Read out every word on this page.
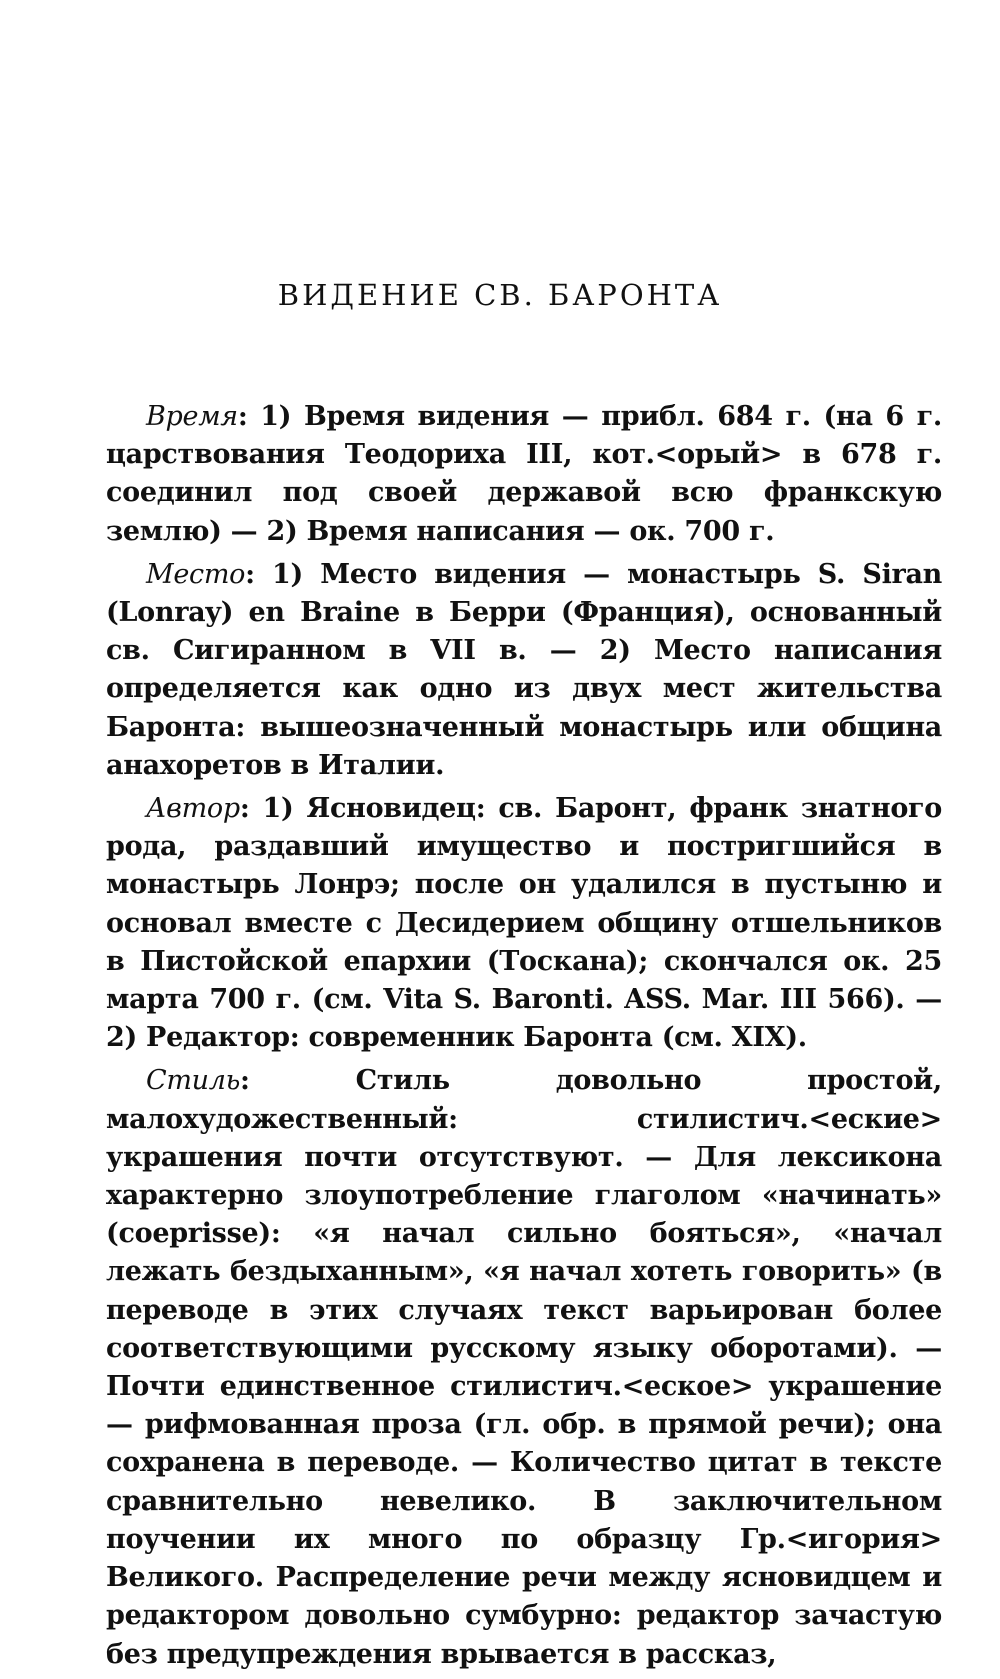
ВИДЕНИЕ СВ. БАРОНТА

Время: 1) Время видения — прибл. 684 г. (на 6 г. царствования Теодориха III, кот.<орый> в 678 г. соединил под своей державой всю франкскую землю) — 2) Время написания — ок. 700 г.

Место: 1) Место видения — монастырь S. Siran (Lonray) en Braine в Берри (Франция), основанный св. Сигиранном в VII в. — 2) Место написания определяется как одно из двух мест жительства Баронта: вышеозначенный монастырь или община анахоретов в Италии.

Автор: 1) Ясновидец: св. Баронт, франк знатного рода, раздавший имущество и постригшийся в монастырь Лонрэ; после он удалился в пустыню и основал вместе с Десидерием общину отшельников в Пистойской епархии (Тоскана); скончался ок. 25 марта 700 г. (см. Vita S. Baronti. ASS. Mar. III 566). — 2) Редактор: современник Баронта (см. XIX).

Стиль: Стиль довольно простой, малохудожественный: стилистич.<еские> украшения почти отсутствуют. — Для лексикона характерно злоупотребление глаголом «начинать» (coeprisse): «я начал сильно бояться», «начал лежать бездыханным», «я начал хотеть говорить» (в переводе в этих случаях текст варьирован более соответствующими русскому языку оборотами). — Почти единственное стилистич.<еское> украшение — рифмованная проза (гл. обр. в прямой речи); она сохранена в переводе. — Количество цитат в тексте сравнительно невелико. В заключительном поучении их много по образцу Гр.<игория> Великого. Распределение речи между ясновидцем и редактором довольно сумбурно: редактор зачастую без предупреждения врывается в рассказ,
